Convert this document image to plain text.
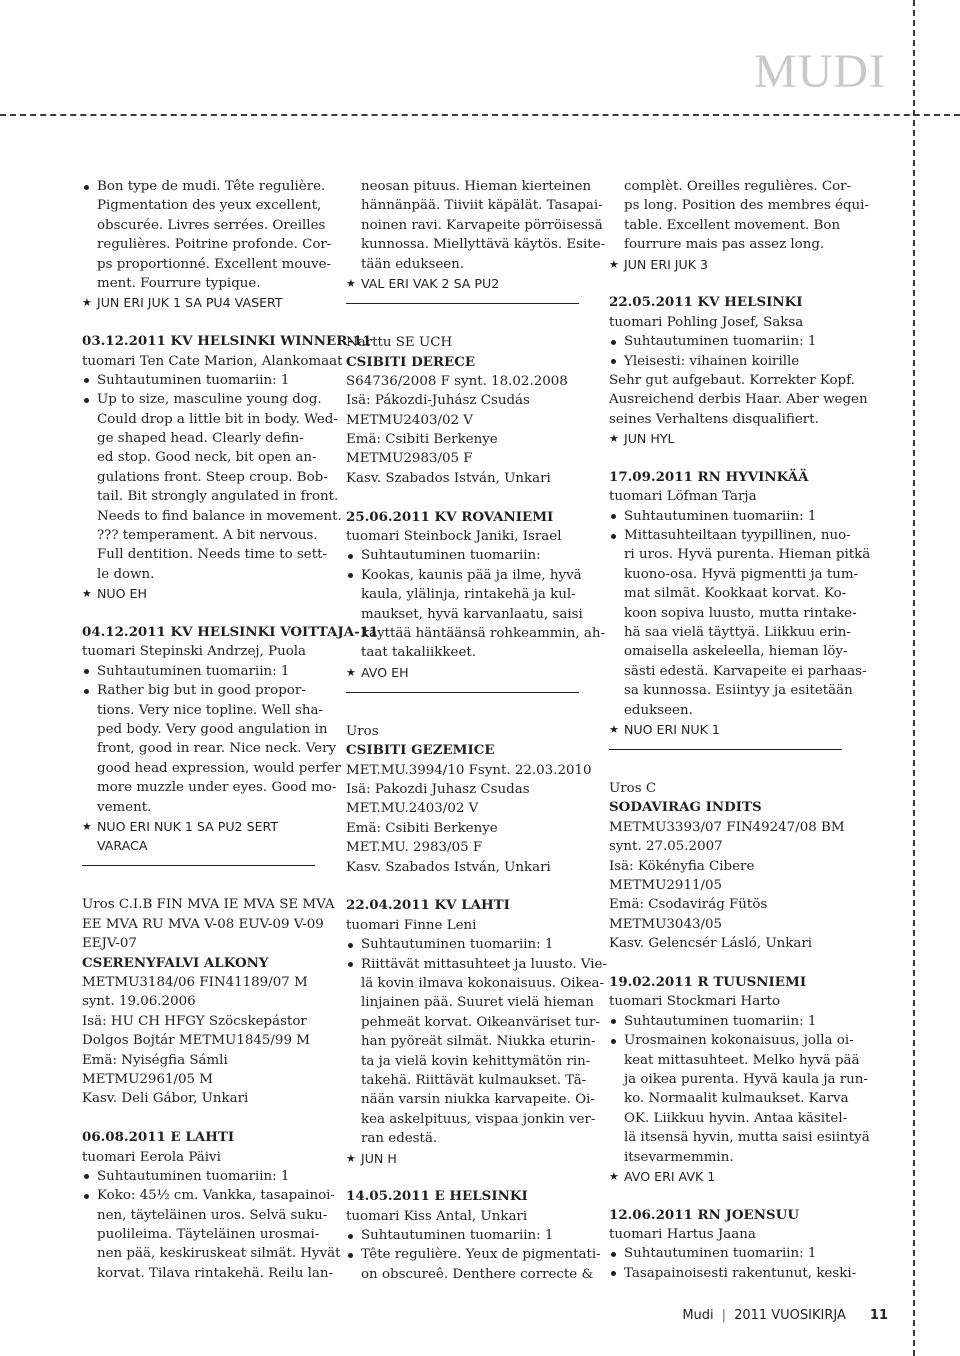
MUDI
Bon type de mudi. Tête regulière.
Pigmentation des yeux excellent,
obscurée. Livres serrées. Oreilles
regulières. Poitrine profonde. Cor-
ps proportionné. Excellent mouve-
ment. Fourrure typique.
★ JUN ERI JUK 1 SA PU4 VASERT
03.12.2011 KV HELSINKI WINNER-11
tuomari Ten Cate Marion, Alankomaat
Suhtautuminen tuomariin: 1
Up to size, masculine young dog.
Could drop a little bit in body. Wed-
ge shaped head. Clearly defin-
ed stop. Good neck, bit open an-
gulations front. Steep croup. Bob-
tail. Bit strongly angulated in front.
Needs to find balance in movement.
??? temperament. A bit nervous.
Full dentition. Needs time to sett-
le down.
★ NUO EH
04.12.2011 KV HELSINKI VOITTAJA-11
tuomari Stepinski Andrzej, Puola
Suhtautuminen tuomariin: 1
Rather big but in good propor-
tions. Very nice topline. Well sha-
ped body. Very good angulation in
front, good in rear. Nice neck. Very
good head expression, would perfer
more muzzle under eyes. Good mo-
vement.
★ NUO ERI NUK 1 SA PU2 SERT
VARACA
Uros C.I.B FIN MVA IE MVA SE MVA
EE MVA RU MVA V-08 EUV-09 V-09
EEJV-07
CSERENYFALVI ALKONY
METMU3184/06 FIN41189/07 M
synt. 19.06.2006
Isä: HU CH HFGY Szöcskepástor
Dolgos Bojtár METMU1845/99 M
Emä: Nyiségfia Sámli
METMU2961/05 M
Kasv. Deli Gábor, Unkari
06.08.2011 E LAHTI
tuomari Eerola Päivi
Suhtautuminen tuomariin: 1
Koko: 45½ cm. Vankka, tasapainoi-
nen, täyteläinen uros. Selvä suku-
puolileima. Täyteläinen urosmai-
nen pää, keskiruskeat silmät. Hyvät
korvat. Tilava rintakehä. Reilu lan-
neosan pituus. Hieman kierteinen
hännänpää. Tiiviit käpälät. Tasapai-
noinen ravi. Karvapeite pörröisessä
kunnossa. Miellyttävä käytös. Esite-
tään edukseen.
★ VAL ERI VAK 2 SA PU2
Narttu SE UCH
CSIBITI DERECE
S64736/2008 F synt. 18.02.2008
Isä: Pákozdi-Juhász Csudás
METMU2403/02 V
Emä: Csibiti Berkenye
METMU2983/05 F
Kasv. Szabados István, Unkari
25.06.2011 KV ROVANIEMI
tuomari Steinbock Janiki, Israel
Suhtautuminen tuomariin:
Kookas, kaunis pää ja ilme, hyvä
kaula, ylälinja, rintakehä ja kul-
maukset, hyvä karvanlaatu, saisi
käyttää häntäänsä rohkeammin, ah-
taat takaliikkeet.
★ AVO EH
Uros
CSIBITI GEZEMICE
MET.MU.3994/10 Fsynt. 22.03.2010
Isä: Pakozdi Juhasz Csudas
MET.MU.2403/02 V
Emä: Csibiti Berkenye
MET.MU. 2983/05 F
Kasv. Szabados István, Unkari
22.04.2011 KV LAHTI
tuomari Finne Leni
Suhtautuminen tuomariin: 1
Riittävät mittasuhteet ja luusto. Vie-
lä kovin ilmava kokonaisuus. Oikea-
linjainen pää. Suuret vielä hieman
pehmeät korvat. Oikeanväriset tur-
han pyöreät silmät. Niukka eturin-
ta ja vielä kovin kehittymätön rin-
takehä. Riittävät kulmaukset. Tä-
nään varsin niukka karvapeite. Oi-
kea askelpituus, vispaa jonkin ver-
ran edestä.
★ JUN H
14.05.2011 E HELSINKI
tuomari Kiss Antal, Unkari
Suhtautuminen tuomariin: 1
Tête regulière. Yeux de pigmentati-
on obscureê. Denthere correcte &
complèt. Oreilles regulières. Cor-
ps long. Position des membres équi-
table. Excellent movement. Bon
fourrure mais pas assez long.
★ JUN ERI JUK 3
22.05.2011 KV HELSINKI
tuomari Pohling Josef, Saksa
Suhtautuminen tuomariin: 1
Yleisesti: vihainen koirille
Sehr gut aufgebaut. Korrekter Kopf.
Ausreichend derbis Haar. Aber wegen
seines Verhaltens disqualifiert.
★ JUN HYL
17.09.2011 RN HYVINKÄÄ
tuomari Löfman Tarja
Suhtautuminen tuomariin: 1
Mittasuhteiltaan tyypillinen, nuo-
ri uros. Hyvä purenta. Hieman pitkä
kuono-osa. Hyvä pigmentti ja tum-
mat silmät. Kookkaat korvat. Ko-
koon sopiva luusto, mutta rintake-
hä saa vielä täyttyä. Liikkuu erin-
omaisella askeleella, hieman löy-
sästi edestä. Karvapeite ei parhaas-
sa kunnossa. Esiintyy ja esitetään
edukseen.
★ NUO ERI NUK 1
Uros C
SODAVIRAG INDITS
METMU3393/07 FIN49247/08 BM
synt. 27.05.2007
Isä: Kökényfia Cibere
METMU2911/05
Emä: Csodavirág Fütös
METMU3043/05
Kasv. Gelencsér Lásló, Unkari
19.02.2011 R TUUSNIEMI
tuomari Stockmari Harto
Suhtautuminen tuomariin: 1
Urosmainen kokonaisuus, jolla oi-
keat mittasuhteet. Melko hyvä pää
ja oikea purenta. Hyvä kaula ja run-
ko. Normaalit kulmaukset. Karva
OK. Liikkuu hyvin. Antaa käsitel-
lä itsensä hyvin, mutta saisi esiintyä
itsevarmemmin.
★ AVO ERI AVK 1
12.06.2011 RN JOENSUU
tuomari Hartus Jaana
Suhtautuminen tuomariin: 1
Tasapainoisesti rakentunut, keski-
Mudi | 2011 VUOSIKIRJA 11
